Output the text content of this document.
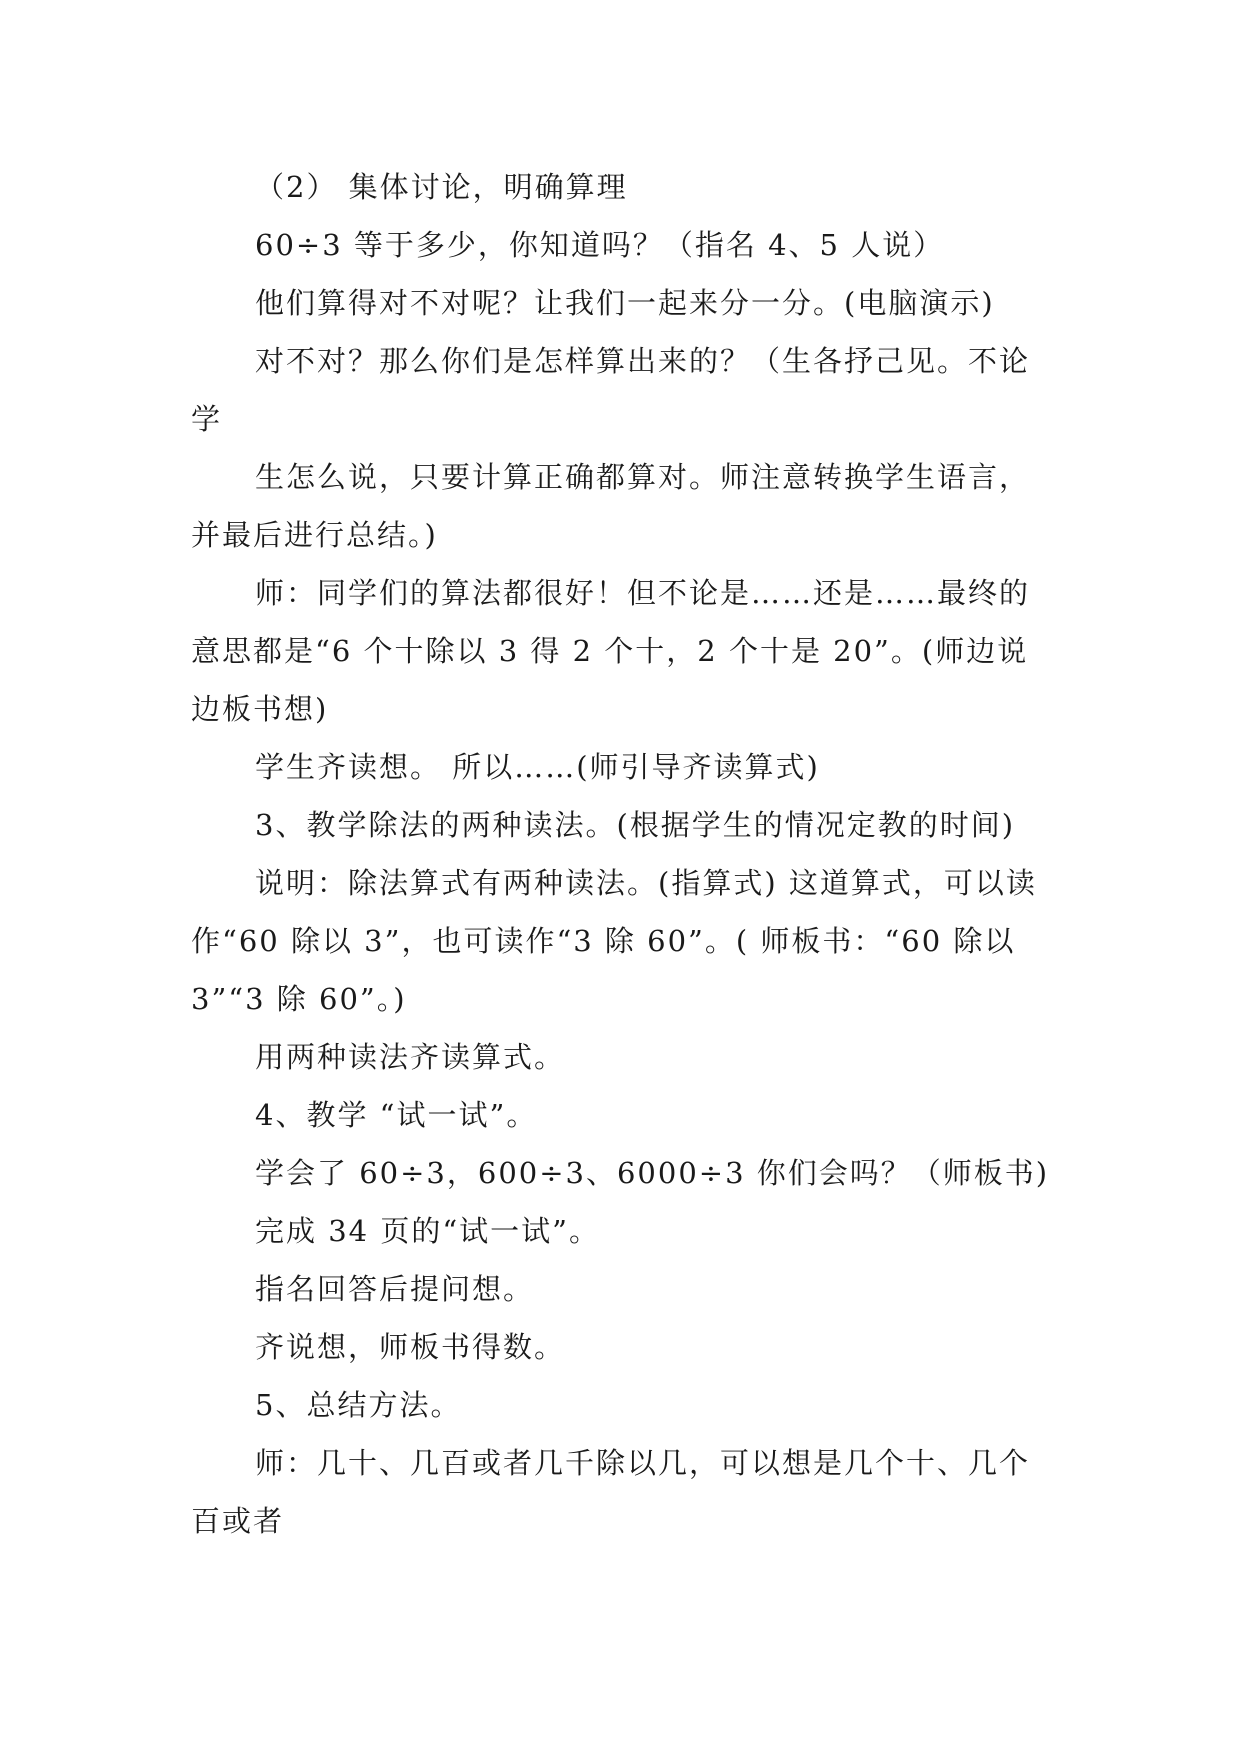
（2） 集体讨论，明确算理

60÷3 等于多少，你知道吗？（指名 4、5 人说）

他们算得对不对呢？让我们一起来分一分。(电脑演示)

对不对？那么你们是怎样算出来的？（生各抒己见。不论学

生怎么说，只要计算正确都算对。师注意转换学生语言，并最后进行总结。)

师：同学们的算法都很好！但不论是……还是……最终的意思都是“6 个十除以 3 得 2 个十，2 个十是 20”。(师边说边板书想)

学生齐读想。 所以……(师引导齐读算式)

3、教学除法的两种读法。(根据学生的情况定教的时间)

说明：除法算式有两种读法。(指算式) 这道算式，可以读作“60 除以 3”，也可读作“3 除 60”。( 师板书：“60 除以 3”“3 除 60”。)

用两种读法齐读算式。

4、教学 “试一试”。

学会了 60÷3，600÷3、6000÷3 你们会吗？（师板书)

完成 34 页的“试一试”。

指名回答后提问想。

齐说想，师板书得数。

5、总结方法。

师：几十、几百或者几千除以几，可以想是几个十、几个百或者
